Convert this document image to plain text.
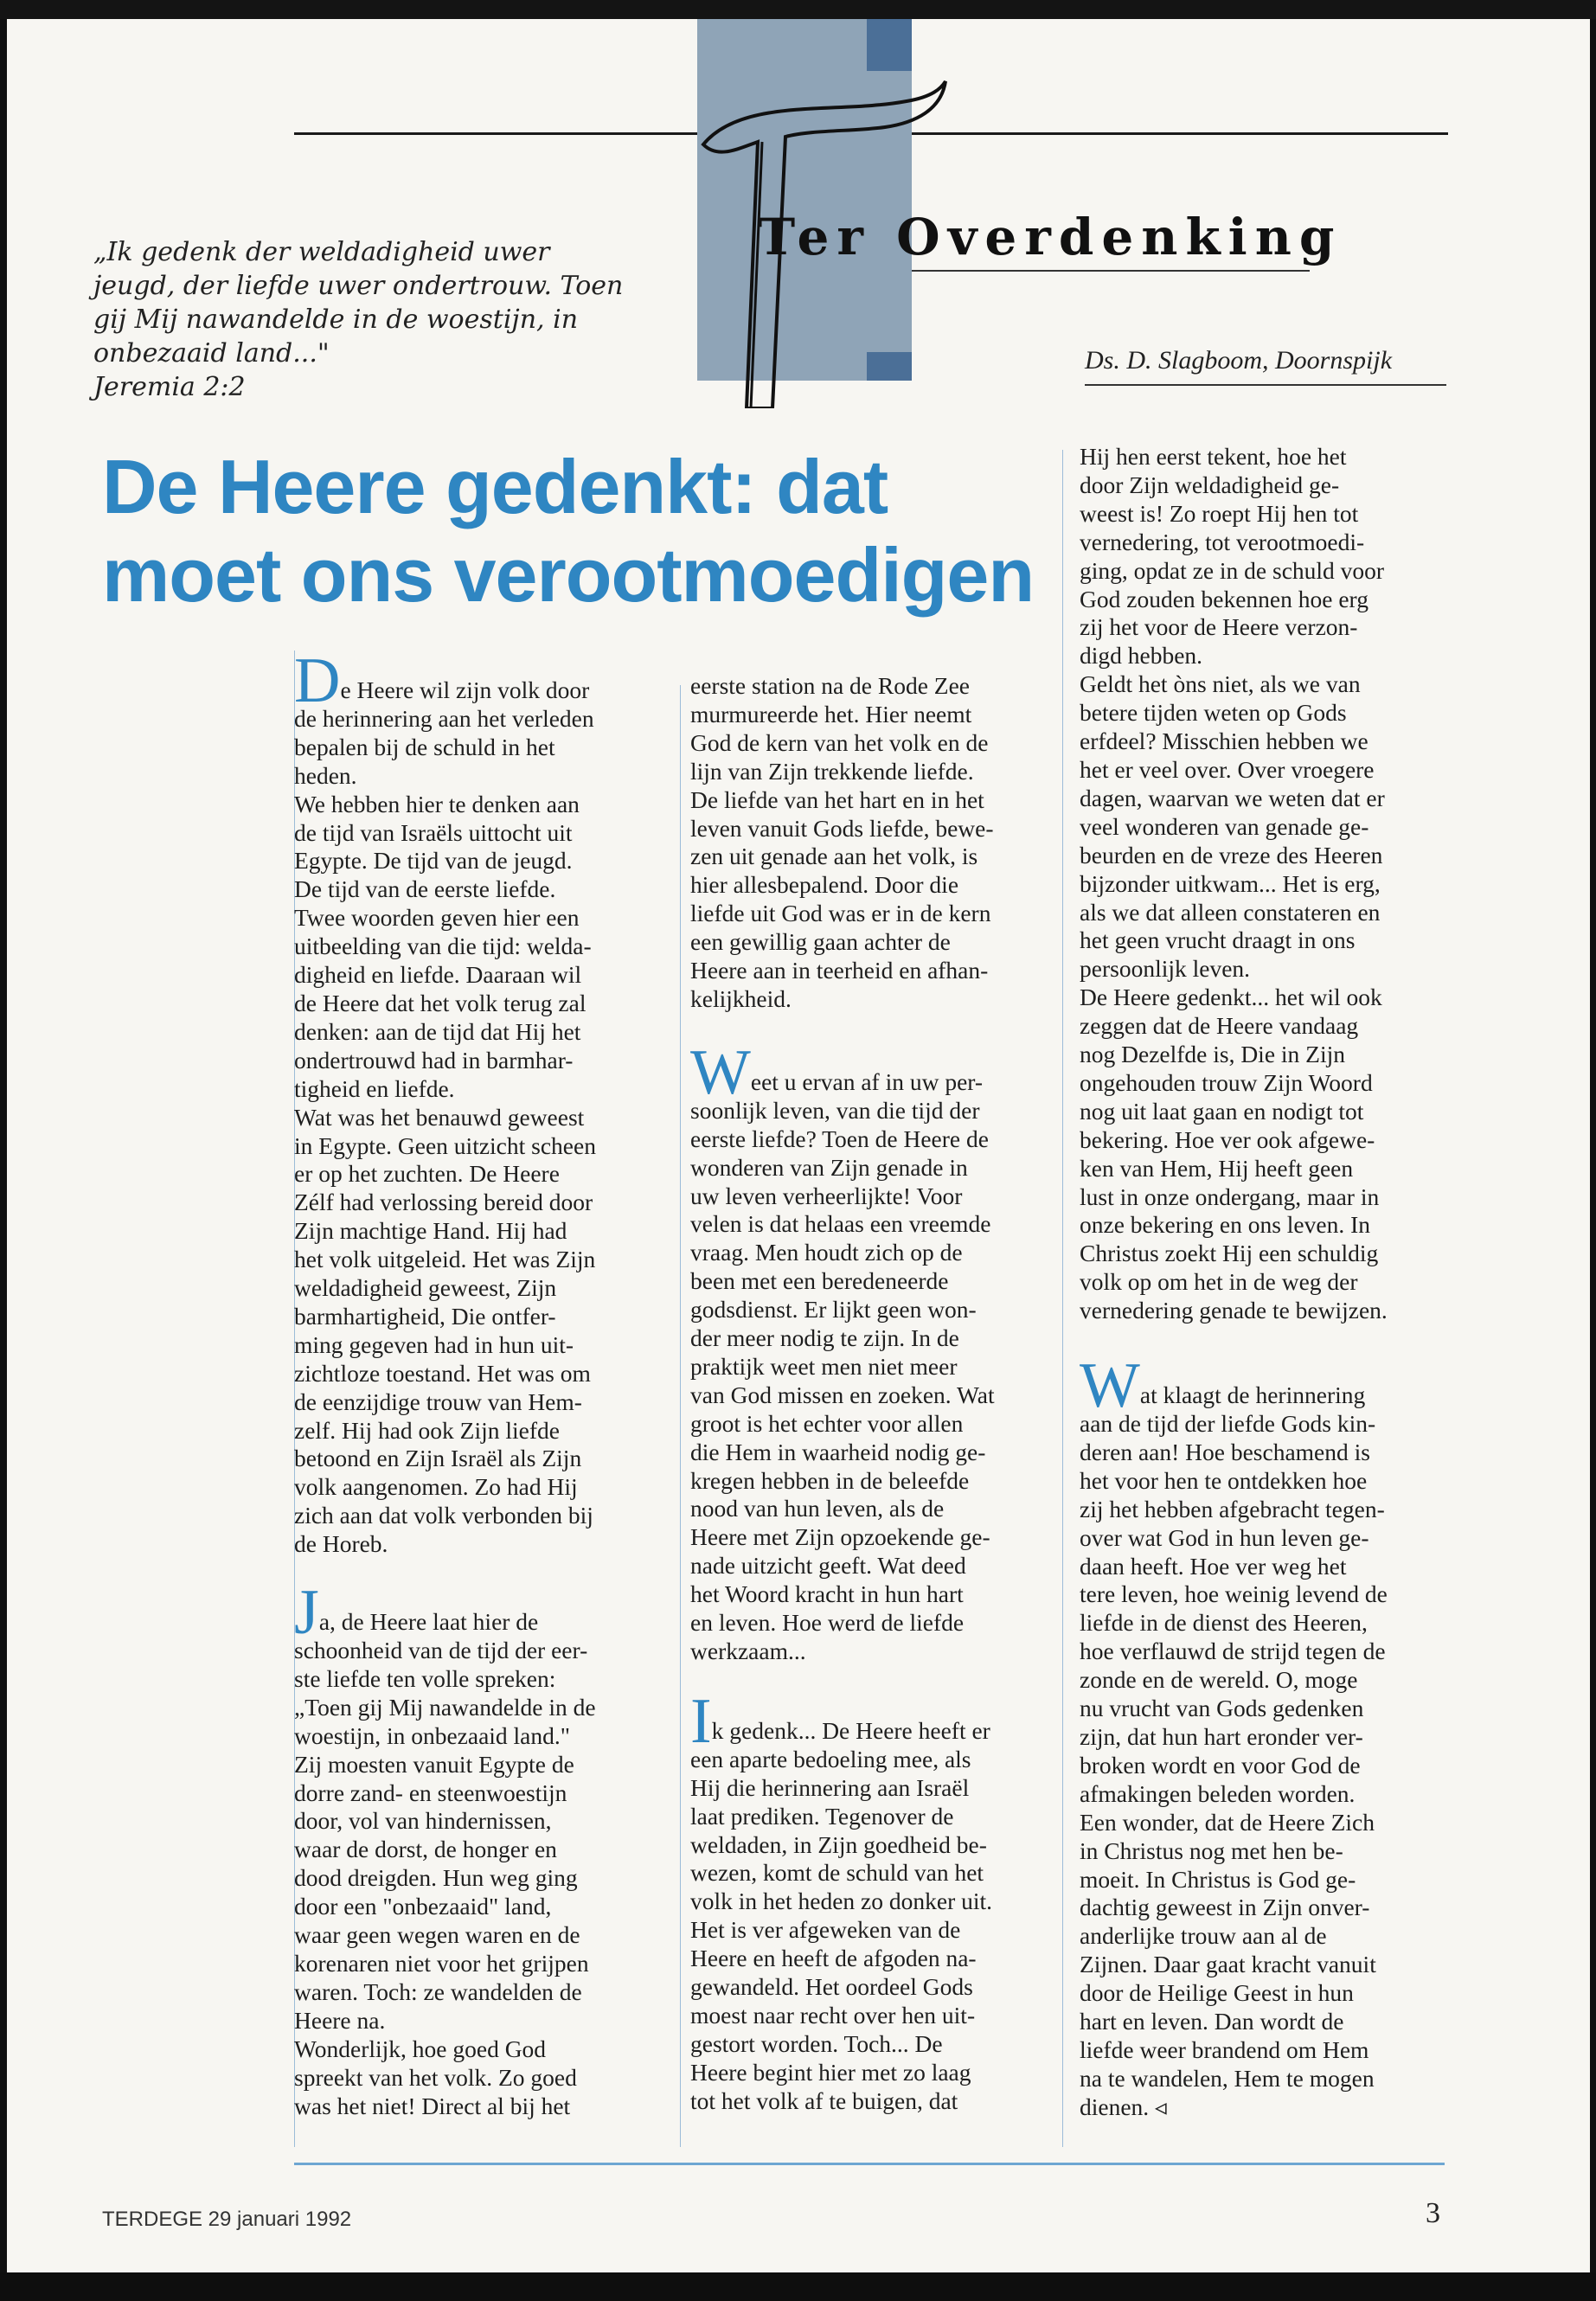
Ter Overdenking
Ds. D. Slagboom, Doornspijk
„Ik gedenk der weldadigheid uwer
jeugd, der liefde uwer ondertrouw. Toen
gij Mij nawandelde in de woestijn, in
onbezaaid land..."
Jeremia 2:2
De Heere gedenkt: dat
moet ons verootmoedigen
De Heere wil zijn volk door
de herinnering aan het verleden
bepalen bij de schuld in het
heden.
We hebben hier te denken aan
de tijd van Israëls uittocht uit
Egypte. De tijd van de jeugd.
De tijd van de eerste liefde.
Twee woorden geven hier een
uitbeelding van die tijd: welda-
digheid en liefde. Daaraan wil
de Heere dat het volk terug zal
denken: aan de tijd dat Hij het
ondertrouwd had in barmhar-
tigheid en liefde.
Wat was het benauwd geweest
in Egypte. Geen uitzicht scheen
er op het zuchten. De Heere
Zélf had verlossing bereid door
Zijn machtige Hand. Hij had
het volk uitgeleid. Het was Zijn
weldadigheid geweest, Zijn
barmhartigheid, Die ontfer-
ming gegeven had in hun uit-
zichtloze toestand. Het was om
de eenzijdige trouw van Hem-
zelf. Hij had ook Zijn liefde
betoond en Zijn Israël als Zijn
volk aangenomen. Zo had Hij
zich aan dat volk verbonden bij
de Horeb.
Ja, de Heere laat hier de
schoonheid van de tijd der eer-
ste liefde ten volle spreken:
„Toen gij Mij nawandelde in de
woestijn, in onbezaaid land."
Zij moesten vanuit Egypte de
dorre zand- en steenwoestijn
door, vol van hindernissen,
waar de dorst, de honger en
dood dreigden. Hun weg ging
door een "onbezaaid" land,
waar geen wegen waren en de
korenaren niet voor het grijpen
waren. Toch: ze wandelden de
Heere na.
Wonderlijk, hoe goed God
spreekt van het volk. Zo goed
was het niet! Direct al bij het
eerste station na de Rode Zee
murmureerde het. Hier neemt
God de kern van het volk en de
lijn van Zijn trekkende liefde.
De liefde van het hart en in het
leven vanuit Gods liefde, bewe-
zen uit genade aan het volk, is
hier allesbepalend. Door die
liefde uit God was er in de kern
een gewillig gaan achter de
Heere aan in teerheid en afhan-
kelijkheid.
Weet u ervan af in uw per-
soonlijk leven, van die tijd der
eerste liefde? Toen de Heere de
wonderen van Zijn genade in
uw leven verheerlijkte! Voor
velen is dat helaas een vreemde
vraag. Men houdt zich op de
been met een beredeneerde
godsdienst. Er lijkt geen won-
der meer nodig te zijn. In de
praktijk weet men niet meer
van God missen en zoeken. Wat
groot is het echter voor allen
die Hem in waarheid nodig ge-
kregen hebben in de beleefde
nood van hun leven, als de
Heere met Zijn opzoekende ge-
nade uitzicht geeft. Wat deed
het Woord kracht in hun hart
en leven. Hoe werd de liefde
werkzaam...
Ik gedenk... De Heere heeft er
een aparte bedoeling mee, als
Hij die herinnering aan Israël
laat prediken. Tegenover de
weldaden, in Zijn goedheid be-
wezen, komt de schuld van het
volk in het heden zo donker uit.
Het is ver afgeweken van de
Heere en heeft de afgoden na-
gewandeld. Het oordeel Gods
moest naar recht over hen uit-
gestort worden. Toch... De
Heere begint hier met zo laag
tot het volk af te buigen, dat
Hij hen eerst tekent, hoe het
door Zijn weldadigheid ge-
weest is! Zo roept Hij hen tot
vernedering, tot verootmoedi-
ging, opdat ze in de schuld voor
God zouden bekennen hoe erg
zij het voor de Heere verzon-
digd hebben.
Geldt het òns niet, als we van
betere tijden weten op Gods
erfdeel? Misschien hebben we
het er veel over. Over vroegere
dagen, waarvan we weten dat er
veel wonderen van genade ge-
beurden en de vreze des Heeren
bijzonder uitkwam... Het is erg,
als we dat alleen constateren en
het geen vrucht draagt in ons
persoonlijk leven.
De Heere gedenkt... het wil ook
zeggen dat de Heere vandaag
nog Dezelfde is, Die in Zijn
ongehouden trouw Zijn Woord
nog uit laat gaan en nodigt tot
bekering. Hoe ver ook afgewe-
ken van Hem, Hij heeft geen
lust in onze ondergang, maar in
onze bekering en ons leven. In
Christus zoekt Hij een schuldig
volk op om het in de weg der
vernedering genade te bewijzen.
Wat klaagt de herinnering
aan de tijd der liefde Gods kin-
deren aan! Hoe beschamend is
het voor hen te ontdekken hoe
zij het hebben afgebracht tegen-
over wat God in hun leven ge-
daan heeft. Hoe ver weg het
tere leven, hoe weinig levend de
liefde in de dienst des Heeren,
hoe verflauwd de strijd tegen de
zonde en de wereld. O, moge
nu vrucht van Gods gedenken
zijn, dat hun hart eronder ver-
broken wordt en voor God de
afmakingen beleden worden.
Een wonder, dat de Heere Zich
in Christus nog met hen be-
moeit. In Christus is God ge-
dachtig geweest in Zijn onver-
anderlijke trouw aan al de
Zijnen. Daar gaat kracht vanuit
door de Heilige Geest in hun
hart en leven. Dan wordt de
liefde weer brandend om Hem
na te wandelen, Hem te mogen
dienen. ◃
TERDEGE 29 januari 1992	3
